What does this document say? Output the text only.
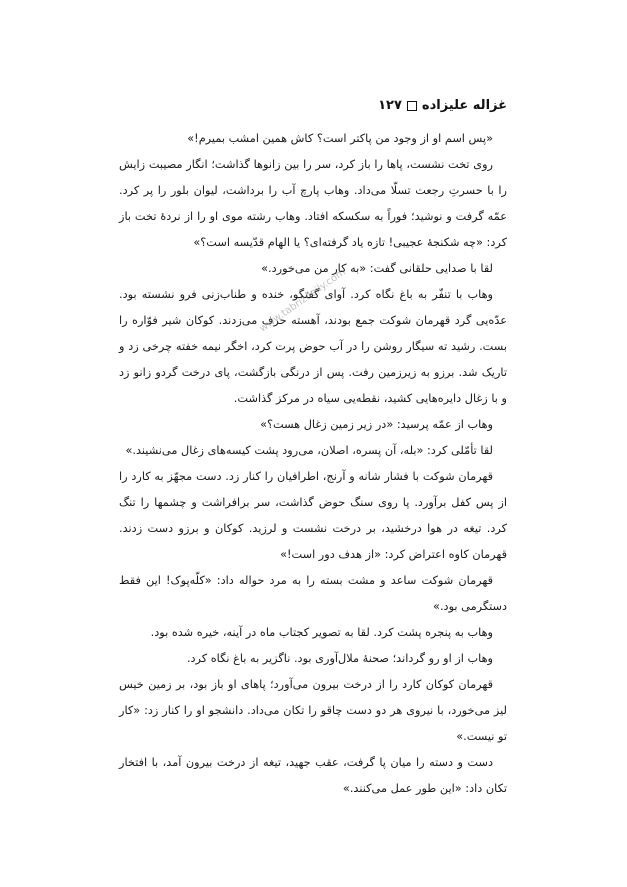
غزاله علیزاده۱۲۷

«پس اسم او از وجود من پاکتر است؟ کاش همین امشب بمیرم!»

روی تخت نشست، پاها را باز کرد، سر را بین زانوها گذاشت؛ انگار مصیبت زایش را با حسرتِ رجعت تسلّا می‌داد. وهاب پارچ آب را برداشت، لیوان بلور را پر کرد. عمّه گرفت و نوشید؛ فوراً به سکسکه افتاد. وهاب رشته موی او را از نردهٔ تخت باز کرد: «چه شکنجهٔ عجیبی! تازه یاد گرفته‌ای؟ یا الهام قدّیسه است؟»

لقا با صدایی حلقانی گفت: «به کار من می‌خورد.»

وهاب با تنفّر به باغ نگاه کرد. آوای گفتگو، خنده و طناب‌زنی فرو نشسته بود. عدّه‌یی گرد قهرمان شوکت جمع بودند، آهسته حرف می‌زدند. کوکان شیر فوّاره را بست. رشید ته سیگار روشن را در آب حوض پرت کرد، اخگر نیمه خفته چرخی زد و تاریک شد. برزو به زیرزمین رفت. پس از درنگی بازگشت، پای درخت گردو زانو زد و با زغال دایره‌هایی کشید، نقطه‌یی سیاه در مرکز گذاشت.

وهاب از عمّه پرسید: «در زیر زمین زغال هست؟»

لقا تأمّلی کرد: «بله، آن پسره، اصلان، می‌رود پشت کیسه‌های زغال می‌نشیند.»

قهرمان شوکت با فشار شانه و آرنج، اطرافیان را کنار زد. دست مجهّز به کارد را از پس کفل برآورد. پا روی سنگ حوض گذاشت، سر برافراشت و چشمها را تنگ کرد. تیغه در هوا درخشید، بر درخت نشست و لرزید. کوکان و برزو دست زدند. قهرمان کاوه اعتراض کرد: «از هدف دور است!»

قهرمان شوکت ساعد و مشت بسته را به مرد حواله داد: «کلّه‌پوک! این فقط دستگرمی بود.»

وهاب به پنجره پشت کرد. لقا به تصویر کجتاب ماه در آینه، خیره شده بود.

وهاب از او رو گرداند؛ صحنهٔ ملال‌آوری بود. ناگزیر به باغ نگاه کرد.

قهرمان کوکان کارد را از درخت بیرون می‌آورد؛ پاهای او باز بود، بر زمین خیس لیز می‌خورد، با نیروی هر دو دست چاقو را تکان می‌داد. دانشجو او را کنار زد: «کار تو نیست.»

دست و دسته را میان پا گرفت، عقب جهید، تیغه از درخت بیرون آمد، با افتخار تکان داد: «این طور عمل می‌کنند.»

www.tabrizdaily.com
